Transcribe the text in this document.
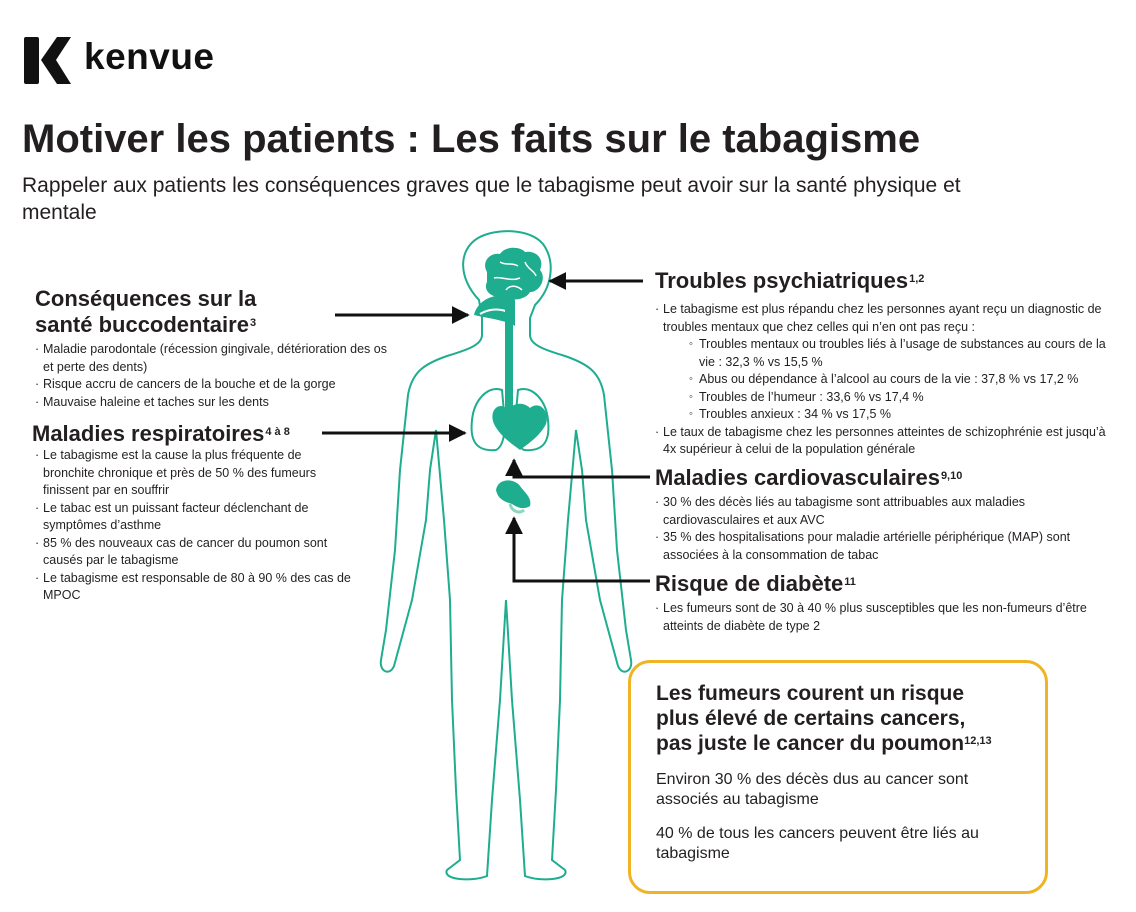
kenvue
Motiver les patients : Les faits sur le tabagisme
Rappeler aux patients les conséquences graves que le tabagisme peut avoir sur la santé physique et mentale
Conséquences sur la
santé buccodentaire$^3$
· Maladie parodontale (récession gingivale, détérioration des os et perte des dents)
· Risque accru de cancers de la bouche et de la gorge
· Mauvaise haleine et taches sur les dents
Maladies respiratoires$^{4 à 8}$
· Le tabagisme est la cause la plus fréquente de bronchite chronique et près de 50 % des fumeurs finissent par en souffrir
· Le tabac est un puissant facteur déclenchant de symptômes d’asthme
· 85 % des nouveaux cas de cancer du poumon sont causés par le tabagisme
· Le tabagisme est responsable de 80 à 90 % des cas de MPOC
Troubles psychiatriques$^{1,2}$
· Le tabagisme est plus répandu chez les personnes ayant reçu un diagnostic de troubles mentaux que chez celles qui n’en ont pas reçu :
◦ Troubles mentaux ou troubles liés à l’usage de substances au cours de la vie : 32,3 % vs 15,5 %
◦ Abus ou dépendance à l’alcool au cours de la vie : 37,8 % vs 17,2 %
◦ Troubles de l’humeur : 33,6 % vs 17,4 %
◦ Troubles anxieux : 34 % vs 17,5 %
· Le taux de tabagisme chez les personnes atteintes de schizophrénie est jusqu’à 4x supérieur à celui de la population générale
Maladies cardiovasculaires$^{9,10}$
· 30 % des décès liés au tabagisme sont attribuables aux maladies cardiovasculaires et aux AVC
· 35 % des hospitalisations pour maladie artérielle périphérique (MAP) sont associées à la consommation de tabac
Risque de diabète$^{11}$
· Les fumeurs sont de 30 à 40 % plus susceptibles que les non-fumeurs d’être atteints de diabète de type 2
Les fumeurs courent un risque
plus élevé de certains cancers,
pas juste le cancer du poumon$^{12,13}$
Environ 30 % des décès dus au cancer sont associés au tabagisme
40 % de tous les cancers peuvent être liés au tabagisme
